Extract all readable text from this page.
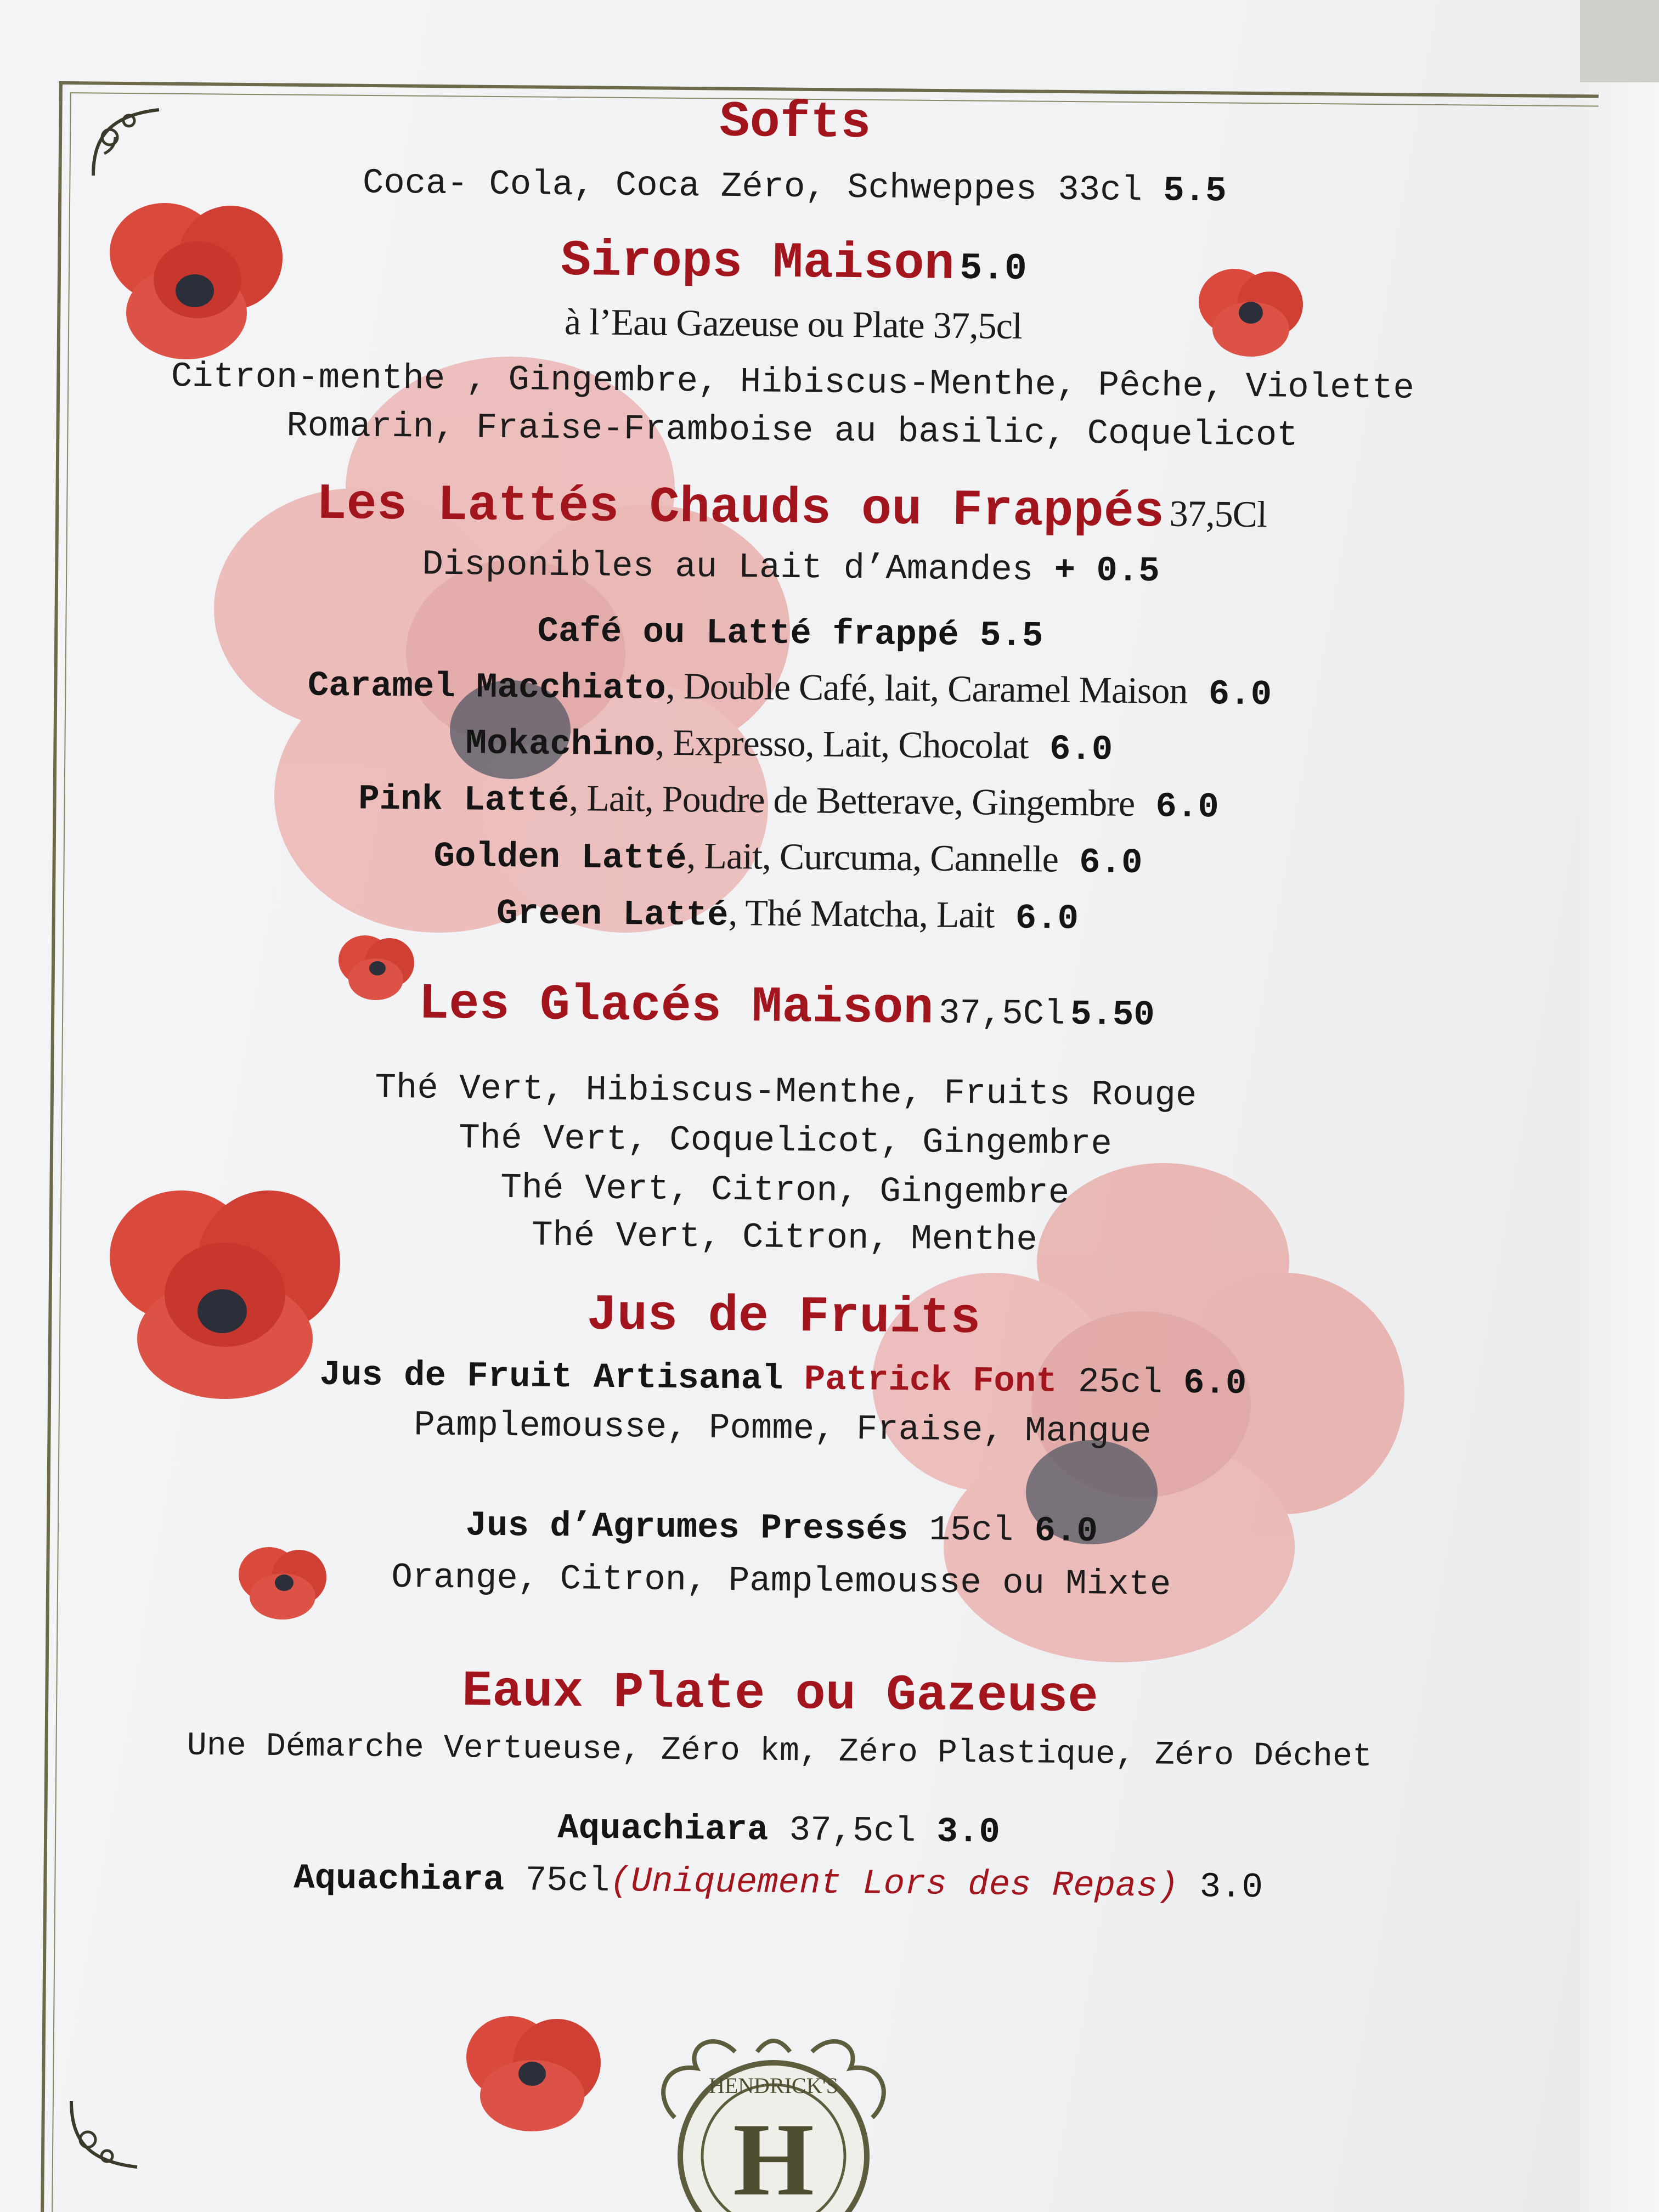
Softs
Coca- Cola, Coca Zéro, Schweppes 33cl 5.5
Sirops Maison 5.0
à l’Eau Gazeuse ou Plate 37,5cl
Citron-menthe , Gingembre, Hibiscus-Menthe, Pêche, Violette
Romarin, Fraise-Framboise au basilic, Coquelicot
Les Lattés Chauds ou Frappés 37,5Cl
Disponibles au Lait d’Amandes + 0.5
Café ou Latté frappé 5.5
Caramel Macchiato, Double Café, lait, Caramel Maison 6.0
Mokachino, Expresso, Lait, Chocolat 6.0
Pink Latté, Lait, Poudre de Betterave, Gingembre 6.0
Golden Latté, Lait, Curcuma, Cannelle 6.0
Green Latté, Thé Matcha, Lait 6.0
Les Glacés Maison 37,5Cl 5.50
Thé Vert, Hibiscus-Menthe, Fruits Rouge
Thé Vert, Coquelicot, Gingembre
Thé Vert, Citron, Gingembre
Thé Vert, Citron, Menthe
Jus de Fruits
Jus de Fruit Artisanal Patrick Font 25cl 6.0
Pamplemousse, Pomme, Fraise, Mangue
Jus d’Agrumes Pressés 15cl 6.0
Orange, Citron, Pamplemousse ou Mixte
Eaux Plate ou Gazeuse
Une Démarche Vertueuse, Zéro km, Zéro Plastique, Zéro Déchet
Aquachiara 37,5cl 3.0
Aquachiara 75cl(Uniquement Lors des Repas) 3.0
HENDRICK'S
H
